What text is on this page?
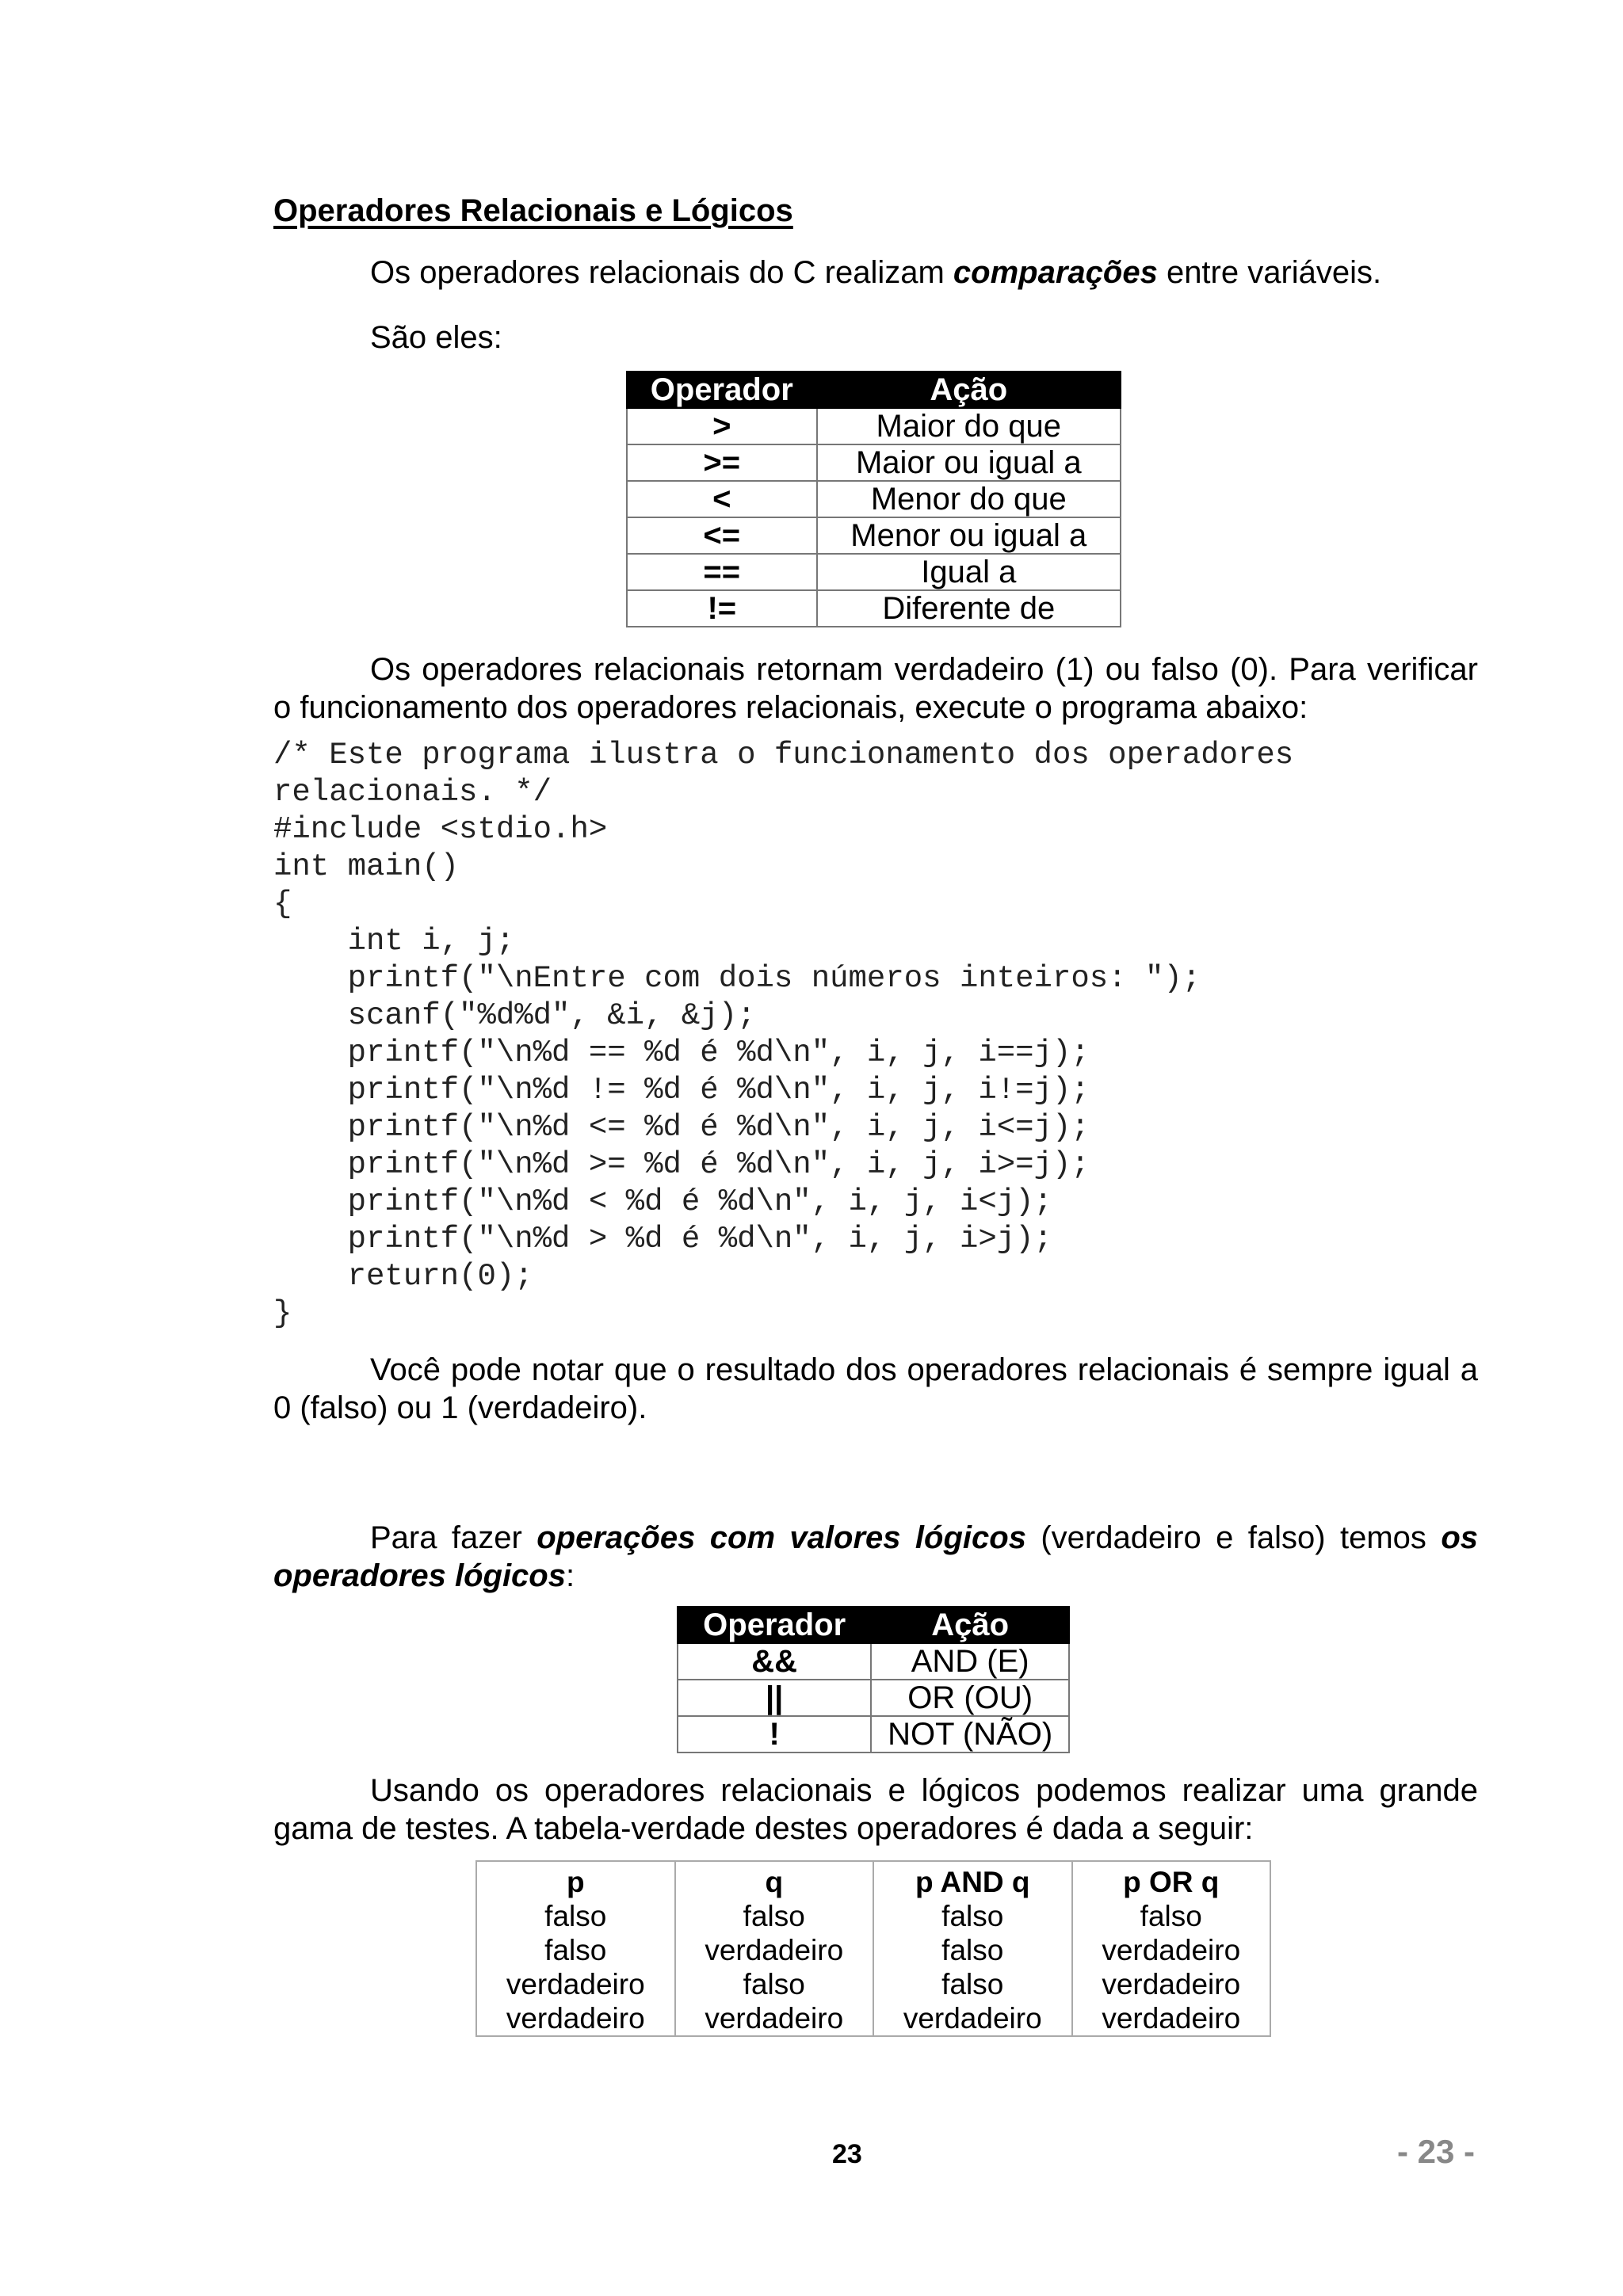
Operadores Relacionais e Lógicos

Os operadores relacionais do C realizam comparações entre variáveis.

São eles:

Operador	Ação
>	Maior do que
>=	Maior ou igual a
<	Menor do que
<=	Menor ou igual a
==	Igual a
!=	Diferente de

Os operadores relacionais retornam verdadeiro (1) ou falso (0). Para verificar o funcionamento dos operadores relacionais, execute o programa abaixo:

/* Este programa ilustra o funcionamento dos operadores
relacionais. */
#include <stdio.h>
int main()
{
int i, j;
printf("\nEntre com dois números inteiros: ");
scanf("%d%d", &i, &j);
printf("\n%d == %d é %d\n", i, j, i==j);
printf("\n%d != %d é %d\n", i, j, i!=j);
printf("\n%d <= %d é %d\n", i, j, i<=j);
printf("\n%d >= %d é %d\n", i, j, i>=j);
printf("\n%d < %d é %d\n", i, j, i<j);
printf("\n%d > %d é %d\n", i, j, i>j);
return(0);
}

Você pode notar que o resultado dos operadores relacionais é sempre igual a 0 (falso) ou 1 (verdadeiro).

Para fazer operações com valores lógicos (verdadeiro e falso) temos os operadores lógicos:

Operador	Ação
&&	AND (E)
||	OR (OU)
!	NOT (NÃO)

Usando os operadores relacionais e lógicos podemos realizar uma grande gama de testes. A tabela-verdade destes operadores é dada a seguir:

p	q	p AND q	p OR q
falso	falso	falso	falso
falso	verdadeiro	falso	verdadeiro
verdadeiro	falso	falso	verdadeiro
verdadeiro	verdadeiro	verdadeiro	verdadeiro
23	- 23 -
